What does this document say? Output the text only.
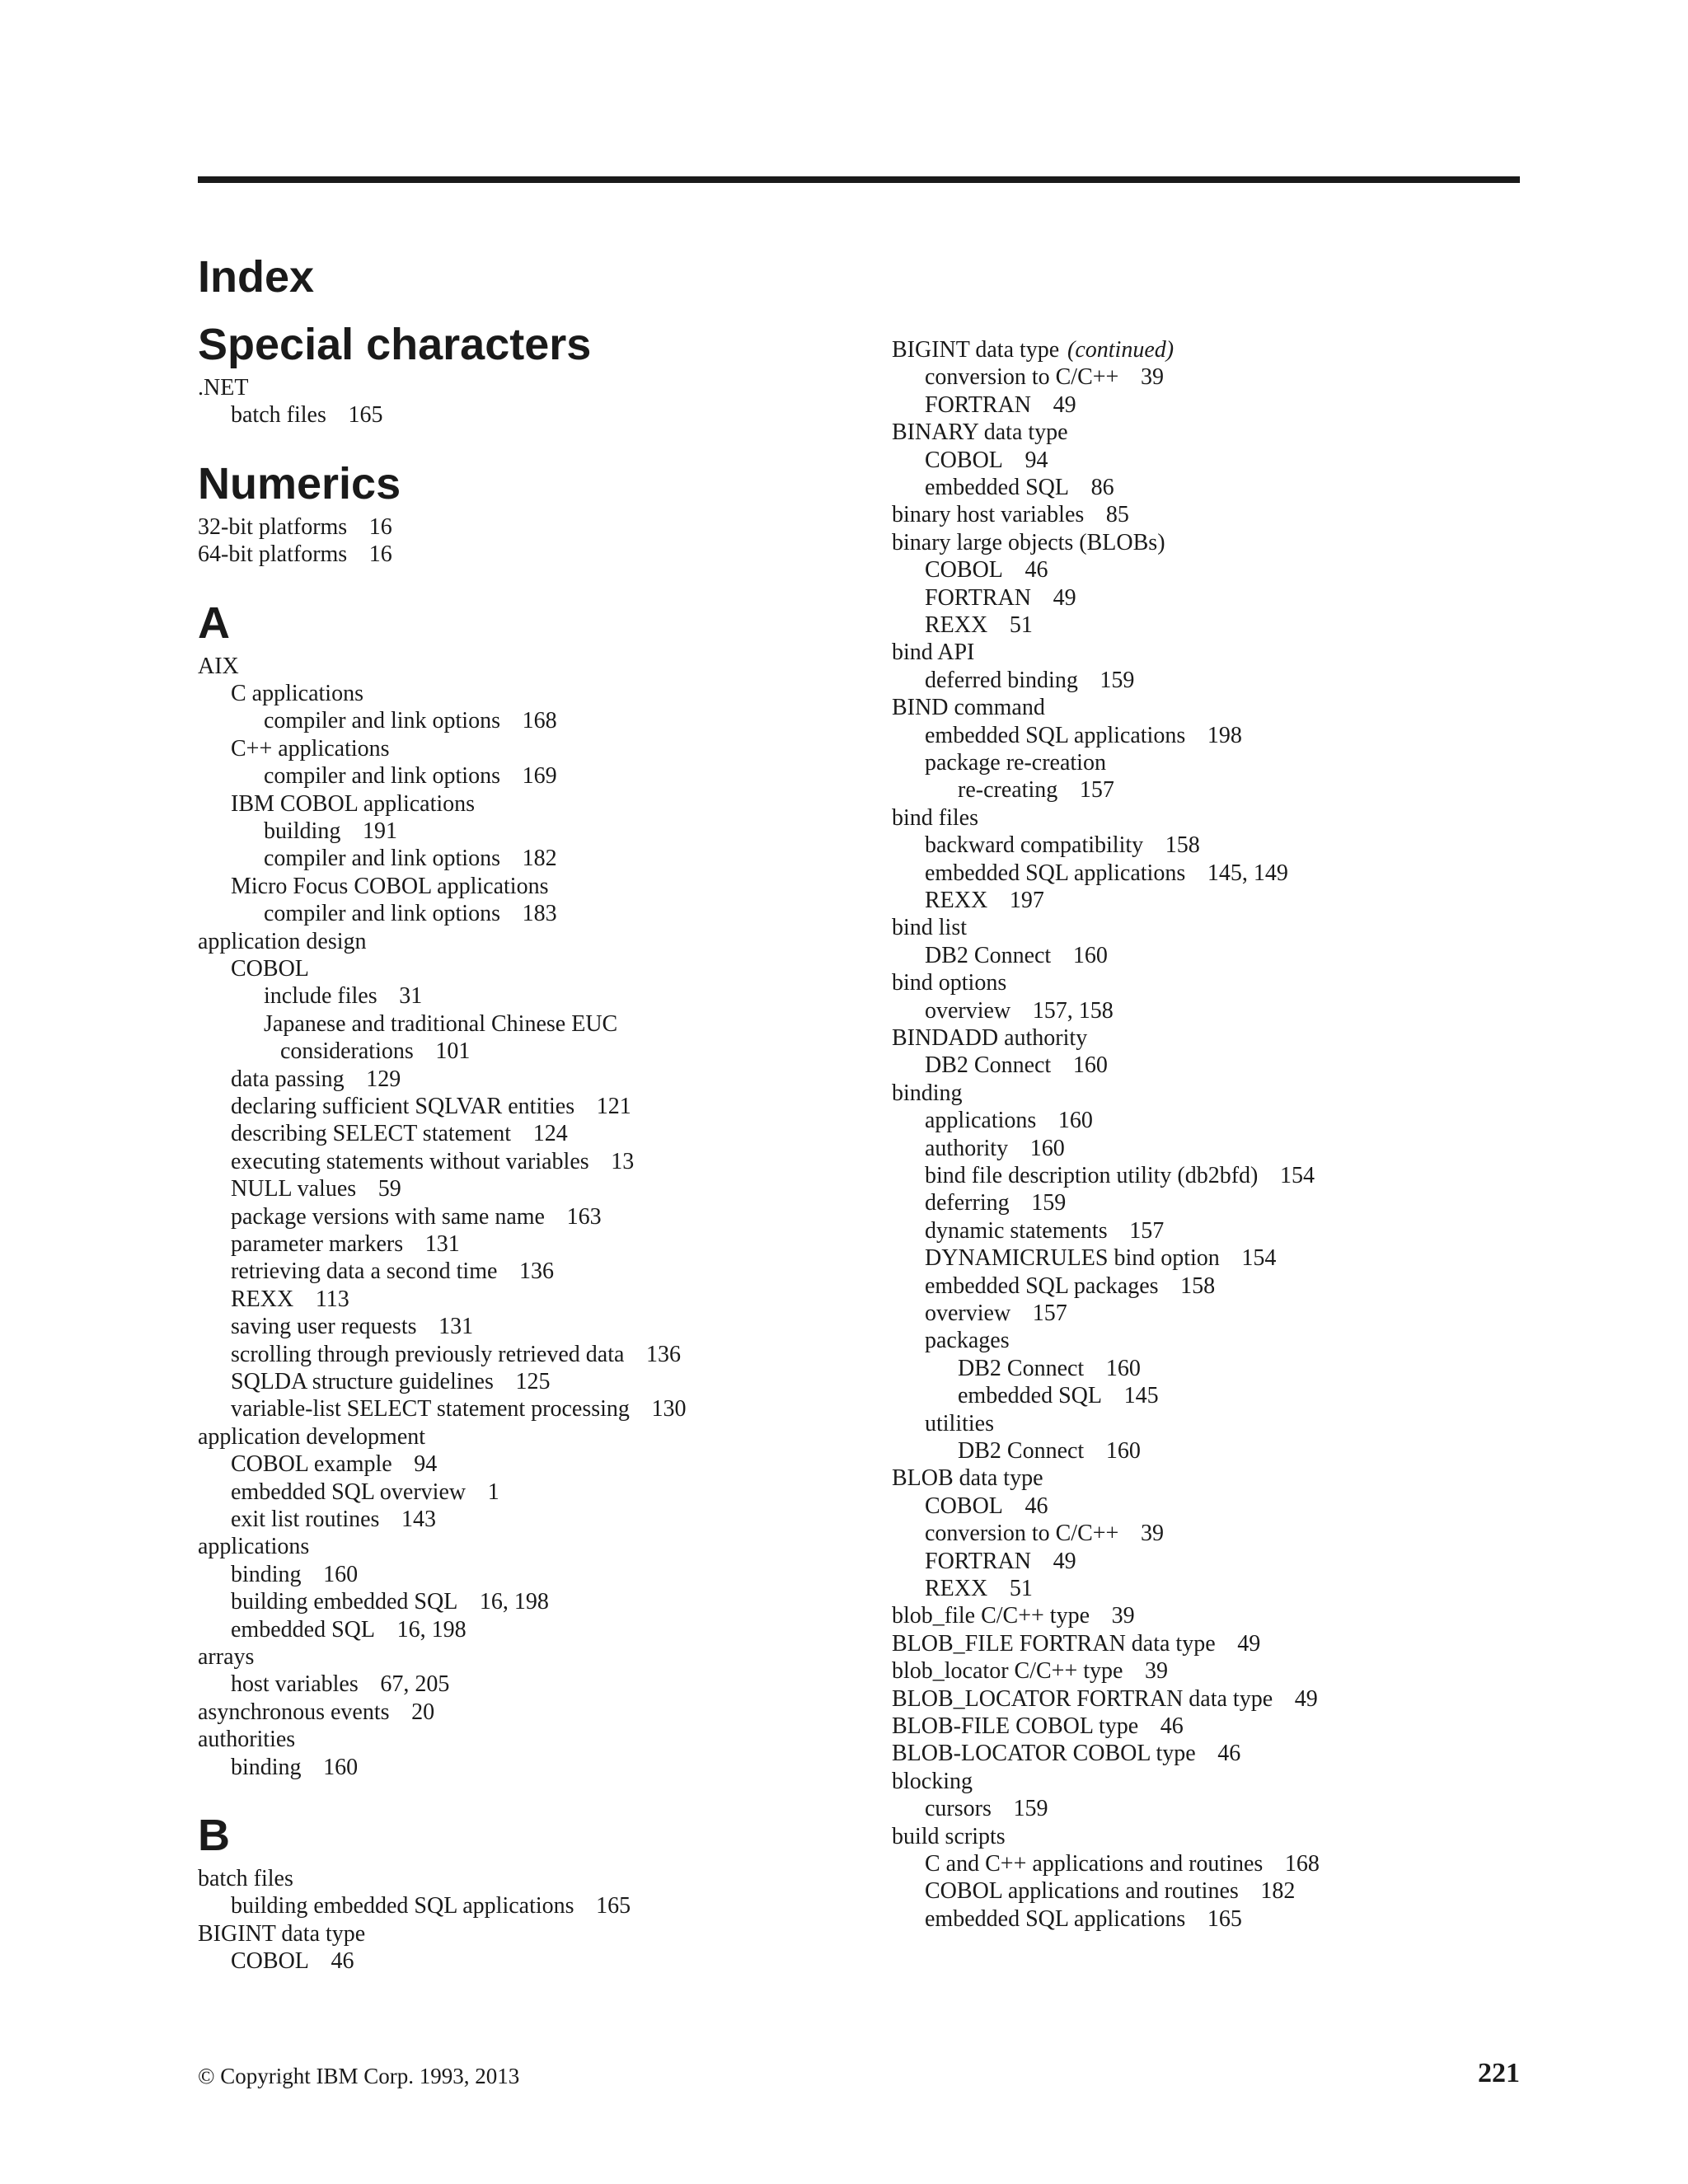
Index
Special characters
.NET
batch files 165
Numerics
32-bit platforms 16
64-bit platforms 16
A
AIX
C applications
compiler and link options 168
C++ applications
compiler and link options 169
IBM COBOL applications
building 191
compiler and link options 182
Micro Focus COBOL applications
compiler and link options 183
application design
COBOL
include files 31
Japanese and traditional Chinese EUC
considerations 101
data passing 129
declaring sufficient SQLVAR entities 121
describing SELECT statement 124
executing statements without variables 13
NULL values 59
package versions with same name 163
parameter markers 131
retrieving data a second time 136
REXX 113
saving user requests 131
scrolling through previously retrieved data 136
SQLDA structure guidelines 125
variable-list SELECT statement processing 130
application development
COBOL example 94
embedded SQL overview 1
exit list routines 143
applications
binding 160
building embedded SQL 16, 198
embedded SQL 16, 198
arrays
host variables 67, 205
asynchronous events 20
authorities
binding 160
B
batch files
building embedded SQL applications 165
BIGINT data type
COBOL 46
BIGINT data type (continued)
conversion to C/C++ 39
FORTRAN 49
BINARY data type
COBOL 94
embedded SQL 86
binary host variables 85
binary large objects (BLOBs)
COBOL 46
FORTRAN 49
REXX 51
bind API
deferred binding 159
BIND command
embedded SQL applications 198
package re-creation
re-creating 157
bind files
backward compatibility 158
embedded SQL applications 145, 149
REXX 197
bind list
DB2 Connect 160
bind options
overview 157, 158
BINDADD authority
DB2 Connect 160
binding
applications 160
authority 160
bind file description utility (db2bfd) 154
deferring 159
dynamic statements 157
DYNAMICRULES bind option 154
embedded SQL packages 158
overview 157
packages
DB2 Connect 160
embedded SQL 145
utilities
DB2 Connect 160
BLOB data type
COBOL 46
conversion to C/C++ 39
FORTRAN 49
REXX 51
blob_file C/C++ type 39
BLOB_FILE FORTRAN data type 49
blob_locator C/C++ type 39
BLOB_LOCATOR FORTRAN data type 49
BLOB-FILE COBOL type 46
BLOB-LOCATOR COBOL type 46
blocking
cursors 159
build scripts
C and C++ applications and routines 168
COBOL applications and routines 182
embedded SQL applications 165
© Copyright IBM Corp. 1993, 2013	221
